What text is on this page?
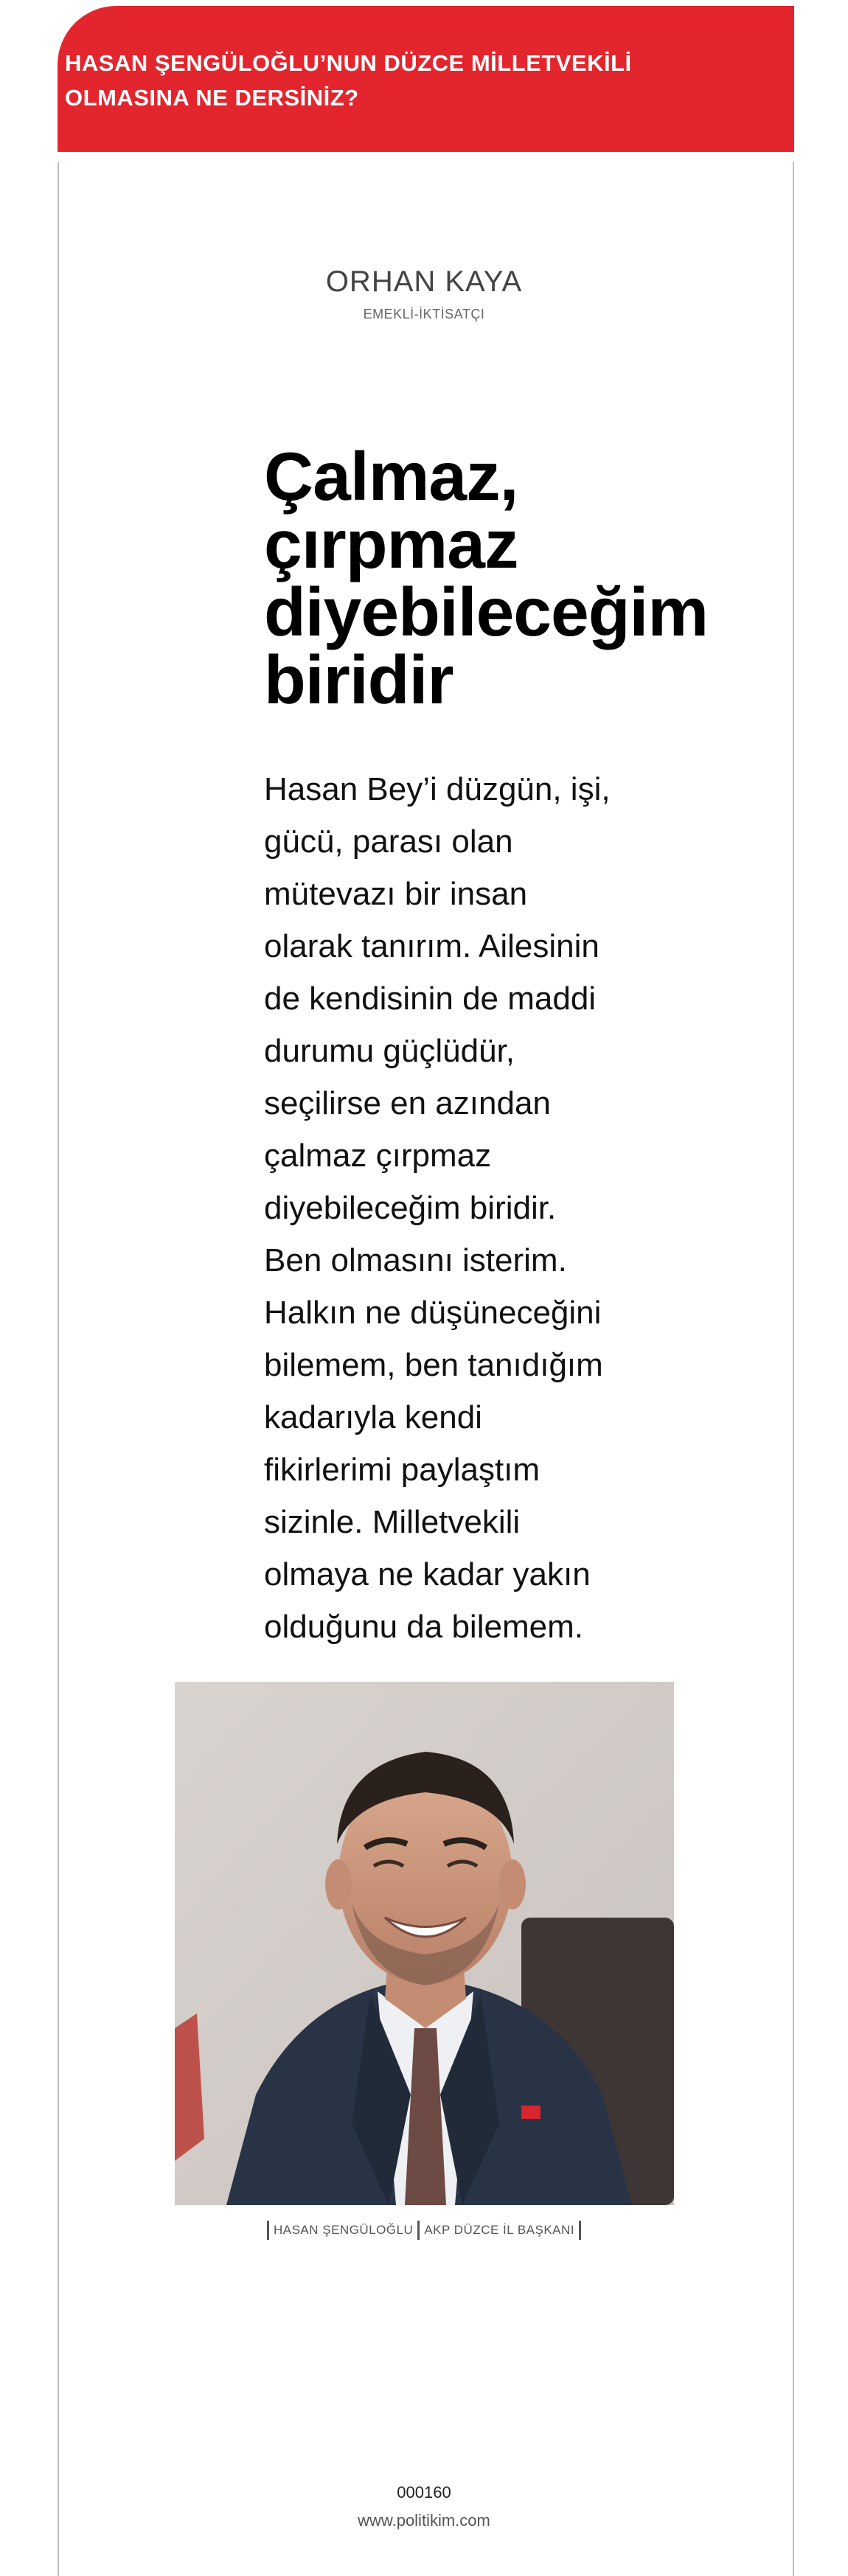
HASAN ŞENGÜLOĞLU’NUN DÜZCE MİLLETVEKİLİ OLMASINA NE DERSİNİZ?
ORHAN KAYA
EMEKLİ-İKTİSATÇI
Çalmaz, çırpmaz diyebileceğim biridir
Hasan Bey’i düzgün, işi, gücü, parası olan mütevazı bir insan olarak tanırım. Ailesinin de kendisinin de maddi durumu güçlüdür, seçilirse en azından çalmaz çırpmaz diyebileceğim biridir. Ben olmasını isterim. Halkın ne düşüneceğini bilemem, ben tanıdığım kadarıyla kendi fikirlerimi paylaştım sizinle. Milletvekili olmaya ne kadar yakın olduğunu da bilemem.
HASAN ŞENGÜLOĞLU AKP DÜZCE İL BAŞKANI
000160
www.politikim.com
